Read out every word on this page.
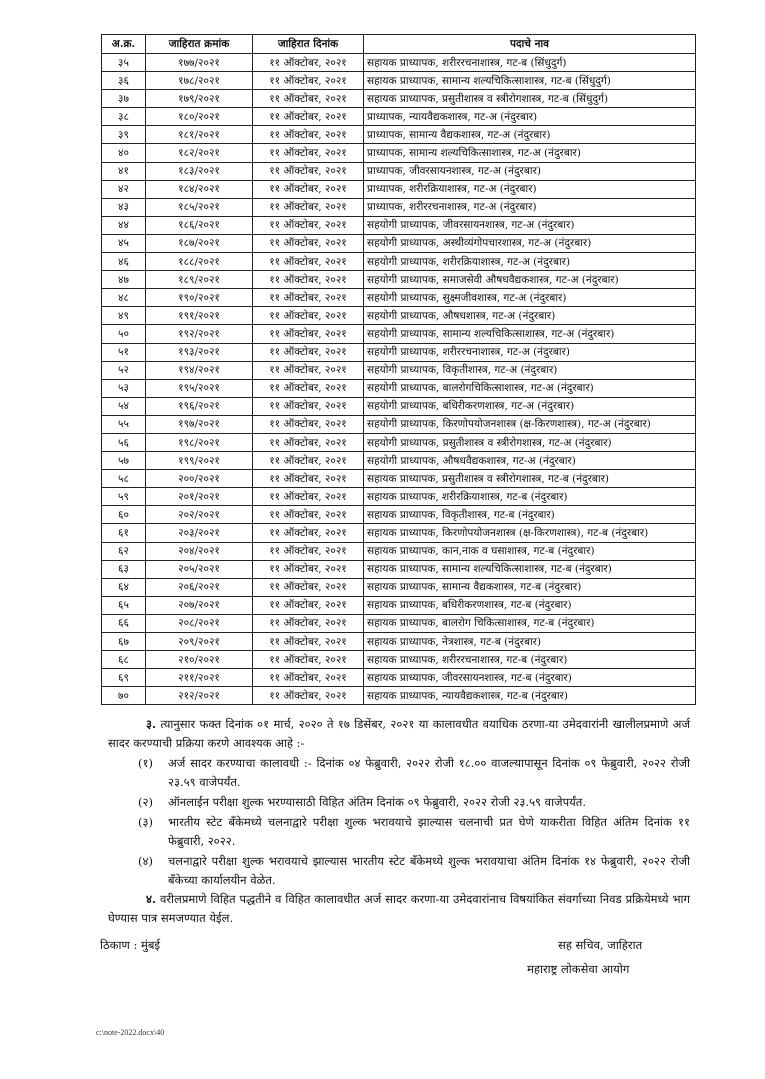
अ.क्र.	जाहिरात क्रमांक	जाहिरात दिनांक	पदाचे नाव
३५	१७७/२०२१	११ ऑक्टोबर, २०२१	सहायक प्राध्यापक, शरीररचनाशास्त्र, गट-ब (सिंधुदुर्ग)
३६	१७८/२०२१	११ ऑक्टोबर, २०२१	सहायक प्राध्यापक, सामान्य शल्यचिकित्साशास्त्र, गट-ब (सिंधुदुर्ग)
३७	१७९/२०२१	११ ऑक्टोबर, २०२१	सहायक प्राध्यापक, प्रसुतीशास्त्र व स्त्रीरोगशास्त्र, गट-ब (सिंधुदुर्ग)
३८	१८०/२०२१	११ ऑक्टोबर, २०२१	प्राध्यापक, न्यायवैद्यकशास्त्र, गट-अ (नंदुरबार)
३९	१८१/२०२१	११ ऑक्टोबर, २०२१	प्राध्यापक, सामान्य वैद्यकशास्त्र, गट-अ (नंदुरबार)
४०	१८२/२०२१	११ ऑक्टोबर, २०२१	प्राध्यापक, सामान्य शल्यचिकित्साशास्त्र, गट-अ (नंदुरबार)
४१	१८३/२०२१	११ ऑक्टोबर, २०२१	प्राध्यापक, जीवरसायनशास्त्र, गट-अ (नंदुरबार)
४२	१८४/२०२१	११ ऑक्टोबर, २०२१	प्राध्यापक, शरीरक्रियाशास्त्र, गट-अ (नंदुरबार)
४३	१८५/२०२१	११ ऑक्टोबर, २०२१	प्राध्यापक, शरीररचनाशास्त्र, गट-अ (नंदुरबार)
४४	१८६/२०२१	११ ऑक्टोबर, २०२१	सहयोगी प्राध्यापक, जीवरसायनशास्त्र, गट-अ (नंदुरबार)
४५	१८७/२०२१	११ ऑक्टोबर, २०२१	सहयोगी प्राध्यापक, अस्थीव्यंगोपचारशास्त्र, गट-अ (नंदुरबार)
४६	१८८/२०२१	११ ऑक्टोबर, २०२१	सहयोगी प्राध्यापक, शरीरक्रियाशास्त्र, गट-अ (नंदुरबार)
४७	१८९/२०२१	११ ऑक्टोबर, २०२१	सहयोगी प्राध्यापक, समाजसेवी औषधवैद्यकशास्त्र, गट-अ (नंदुरबार)
४८	१९०/२०२१	११ ऑक्टोबर, २०२१	सहयोगी प्राध्यापक, सुक्ष्मजीवशास्त्र, गट-अ (नंदुरबार)
४९	१९१/२०२१	११ ऑक्टोबर, २०२१	सहयोगी प्राध्यापक, औषधशास्त्र, गट-अ (नंदुरबार)
५०	१९२/२०२१	११ ऑक्टोबर, २०२१	सहयोगी प्राध्यापक, सामान्य शल्यचिकित्साशास्त्र, गट-अ (नंदुरबार)
५१	१९३/२०२१	११ ऑक्टोबर, २०२१	सहयोगी प्राध्यापक, शरीररचनाशास्त्र, गट-अ (नंदुरबार)
५२	१९४/२०२१	११ ऑक्टोबर, २०२१	सहयोगी प्राध्यापक, विकृतीशास्त्र, गट-अ (नंदुरबार)
५३	१९५/२०२१	११ ऑक्टोबर, २०२१	सहयोगी प्राध्यापक, बालरोगचिकित्साशास्त्र, गट-अ (नंदुरबार)
५४	१९६/२०२१	११ ऑक्टोबर, २०२१	सहयोगी प्राध्यापक, बधिरीकरणशास्त्र, गट-अ (नंदुरबार)
५५	१९७/२०२१	११ ऑक्टोबर, २०२१	सहयोगी प्राध्यापक, किरणोपयोजनशास्त्र (क्ष-किरणशास्त्र), गट-अ (नंदुरबार)
५६	१९८/२०२१	११ ऑक्टोबर, २०२१	सहयोगी प्राध्यापक, प्रसुतीशास्त्र व स्त्रीरोगशास्त्र, गट-अ (नंदुरबार)
५७	१९९/२०२१	११ ऑक्टोबर, २०२१	सहयोगी प्राध्यापक, औषधवैद्यकशास्त्र, गट-अ (नंदुरबार)
५८	२००/२०२१	११ ऑक्टोबर, २०२१	सहायक प्राध्यापक, प्रसुतीशास्त्र व स्त्रीरोगशास्त्र, गट-ब (नंदुरबार)
५९	२०१/२०२१	११ ऑक्टोबर, २०२१	सहायक प्राध्यापक, शरीरक्रियाशास्त्र, गट-ब (नंदुरबार)
६०	२०२/२०२१	११ ऑक्टोबर, २०२१	सहायक प्राध्यापक, विकृतीशास्त्र, गट-ब (नंदुरबार)
६१	२०३/२०२१	११ ऑक्टोबर, २०२१	सहायक प्राध्यापक, किरणोपयोजनशास्त्र (क्ष-किरणशास्त्र), गट-ब (नंदुरबार)
६२	२०४/२०२१	११ ऑक्टोबर, २०२१	सहायक प्राध्यापक, कान,नाक व घसाशास्त्र, गट-ब (नंदुरबार)
६३	२०५/२०२१	११ ऑक्टोबर, २०२१	सहायक प्राध्यापक, सामान्य शल्यचिकित्साशास्त्र, गट-ब (नंदुरबार)
६४	२०६/२०२१	११ ऑक्टोबर, २०२१	सहायक प्राध्यापक, सामान्य वैद्यकशास्त्र, गट-ब (नंदुरबार)
६५	२०७/२०२१	११ ऑक्टोबर, २०२१	सहायक प्राध्यापक, बधिरीकरणशास्त्र, गट-ब (नंदुरबार)
६६	२०८/२०२१	११ ऑक्टोबर, २०२१	सहायक प्राध्यापक, बालरोग चिकित्साशास्त्र, गट-ब (नंदुरबार)
६७	२०९/२०२१	११ ऑक्टोबर, २०२१	सहायक प्राध्यापक, नेत्रशास्त्र, गट-ब (नंदुरबार)
६८	२१०/२०२१	११ ऑक्टोबर, २०२१	सहायक प्राध्यापक, शरीररचनाशास्त्र, गट-ब (नंदुरबार)
६९	२११/२०२१	११ ऑक्टोबर, २०२१	सहायक प्राध्यापक, जीवरसायनशास्त्र, गट-ब (नंदुरबार)
७०	२१२/२०२१	११ ऑक्टोबर, २०२१	सहायक प्राध्यापक, न्यायवैद्यकशास्त्र, गट-ब (नंदुरबार)
३. त्यानुसार फक्त दिनांक ०१ मार्च, २०२० ते १७ डिसेंबर, २०२१ या कालावधीत वयाधिक ठरणा-या उमेदवारांनी खालीलप्रमाणे अर्ज सादर करण्याची प्रक्रिया करणे आवश्यक आहे :-
(१)	अर्ज सादर करण्याचा कालावधी :- दिनांक ०४ फेब्रुवारी, २०२२ रोजी १८.०० वाजल्यापासून दिनांक ०९ फेब्रुवारी, २०२२ रोजी २३.५९ वाजेपर्यंत.
(२)	ऑनलाईन परीक्षा शुल्क भरण्यासाठी विहित अंतिम दिनांक ०९ फेब्रुवारी, २०२२ रोजी २३.५९ वाजेपर्यंत.
(३)	भारतीय स्टेट बँकेमध्ये चलनाद्वारे परीक्षा शुल्क भरावयाचे झाल्यास चलनाची प्रत घेणे याकरीता विहित अंतिम दिनांक ११ फेब्रुवारी, २०२२.
(४)	चलनाद्वारे परीक्षा शुल्क भरावयाचे झाल्यास भारतीय स्टेट बँकेमध्ये शुल्क भरावयाचा अंतिम दिनांक १४ फेब्रुवारी, २०२२ रोजी बँकेच्या कार्यालयीन वेळेत.
४. वरीलप्रमाणे विहित पद्धतीने व विहित कालावधीत अर्ज सादर करणा-या उमेदवारांनाच विषयांकित संवर्गाच्या निवड प्रक्रियेमध्ये भाग घेण्यास पात्र समजण्यात येईल.
ठिकाण : मुंबई	सह सचिव, जाहिरात
महाराष्ट्र लोकसेवा आयोग
c:\note-2022.docx\40
